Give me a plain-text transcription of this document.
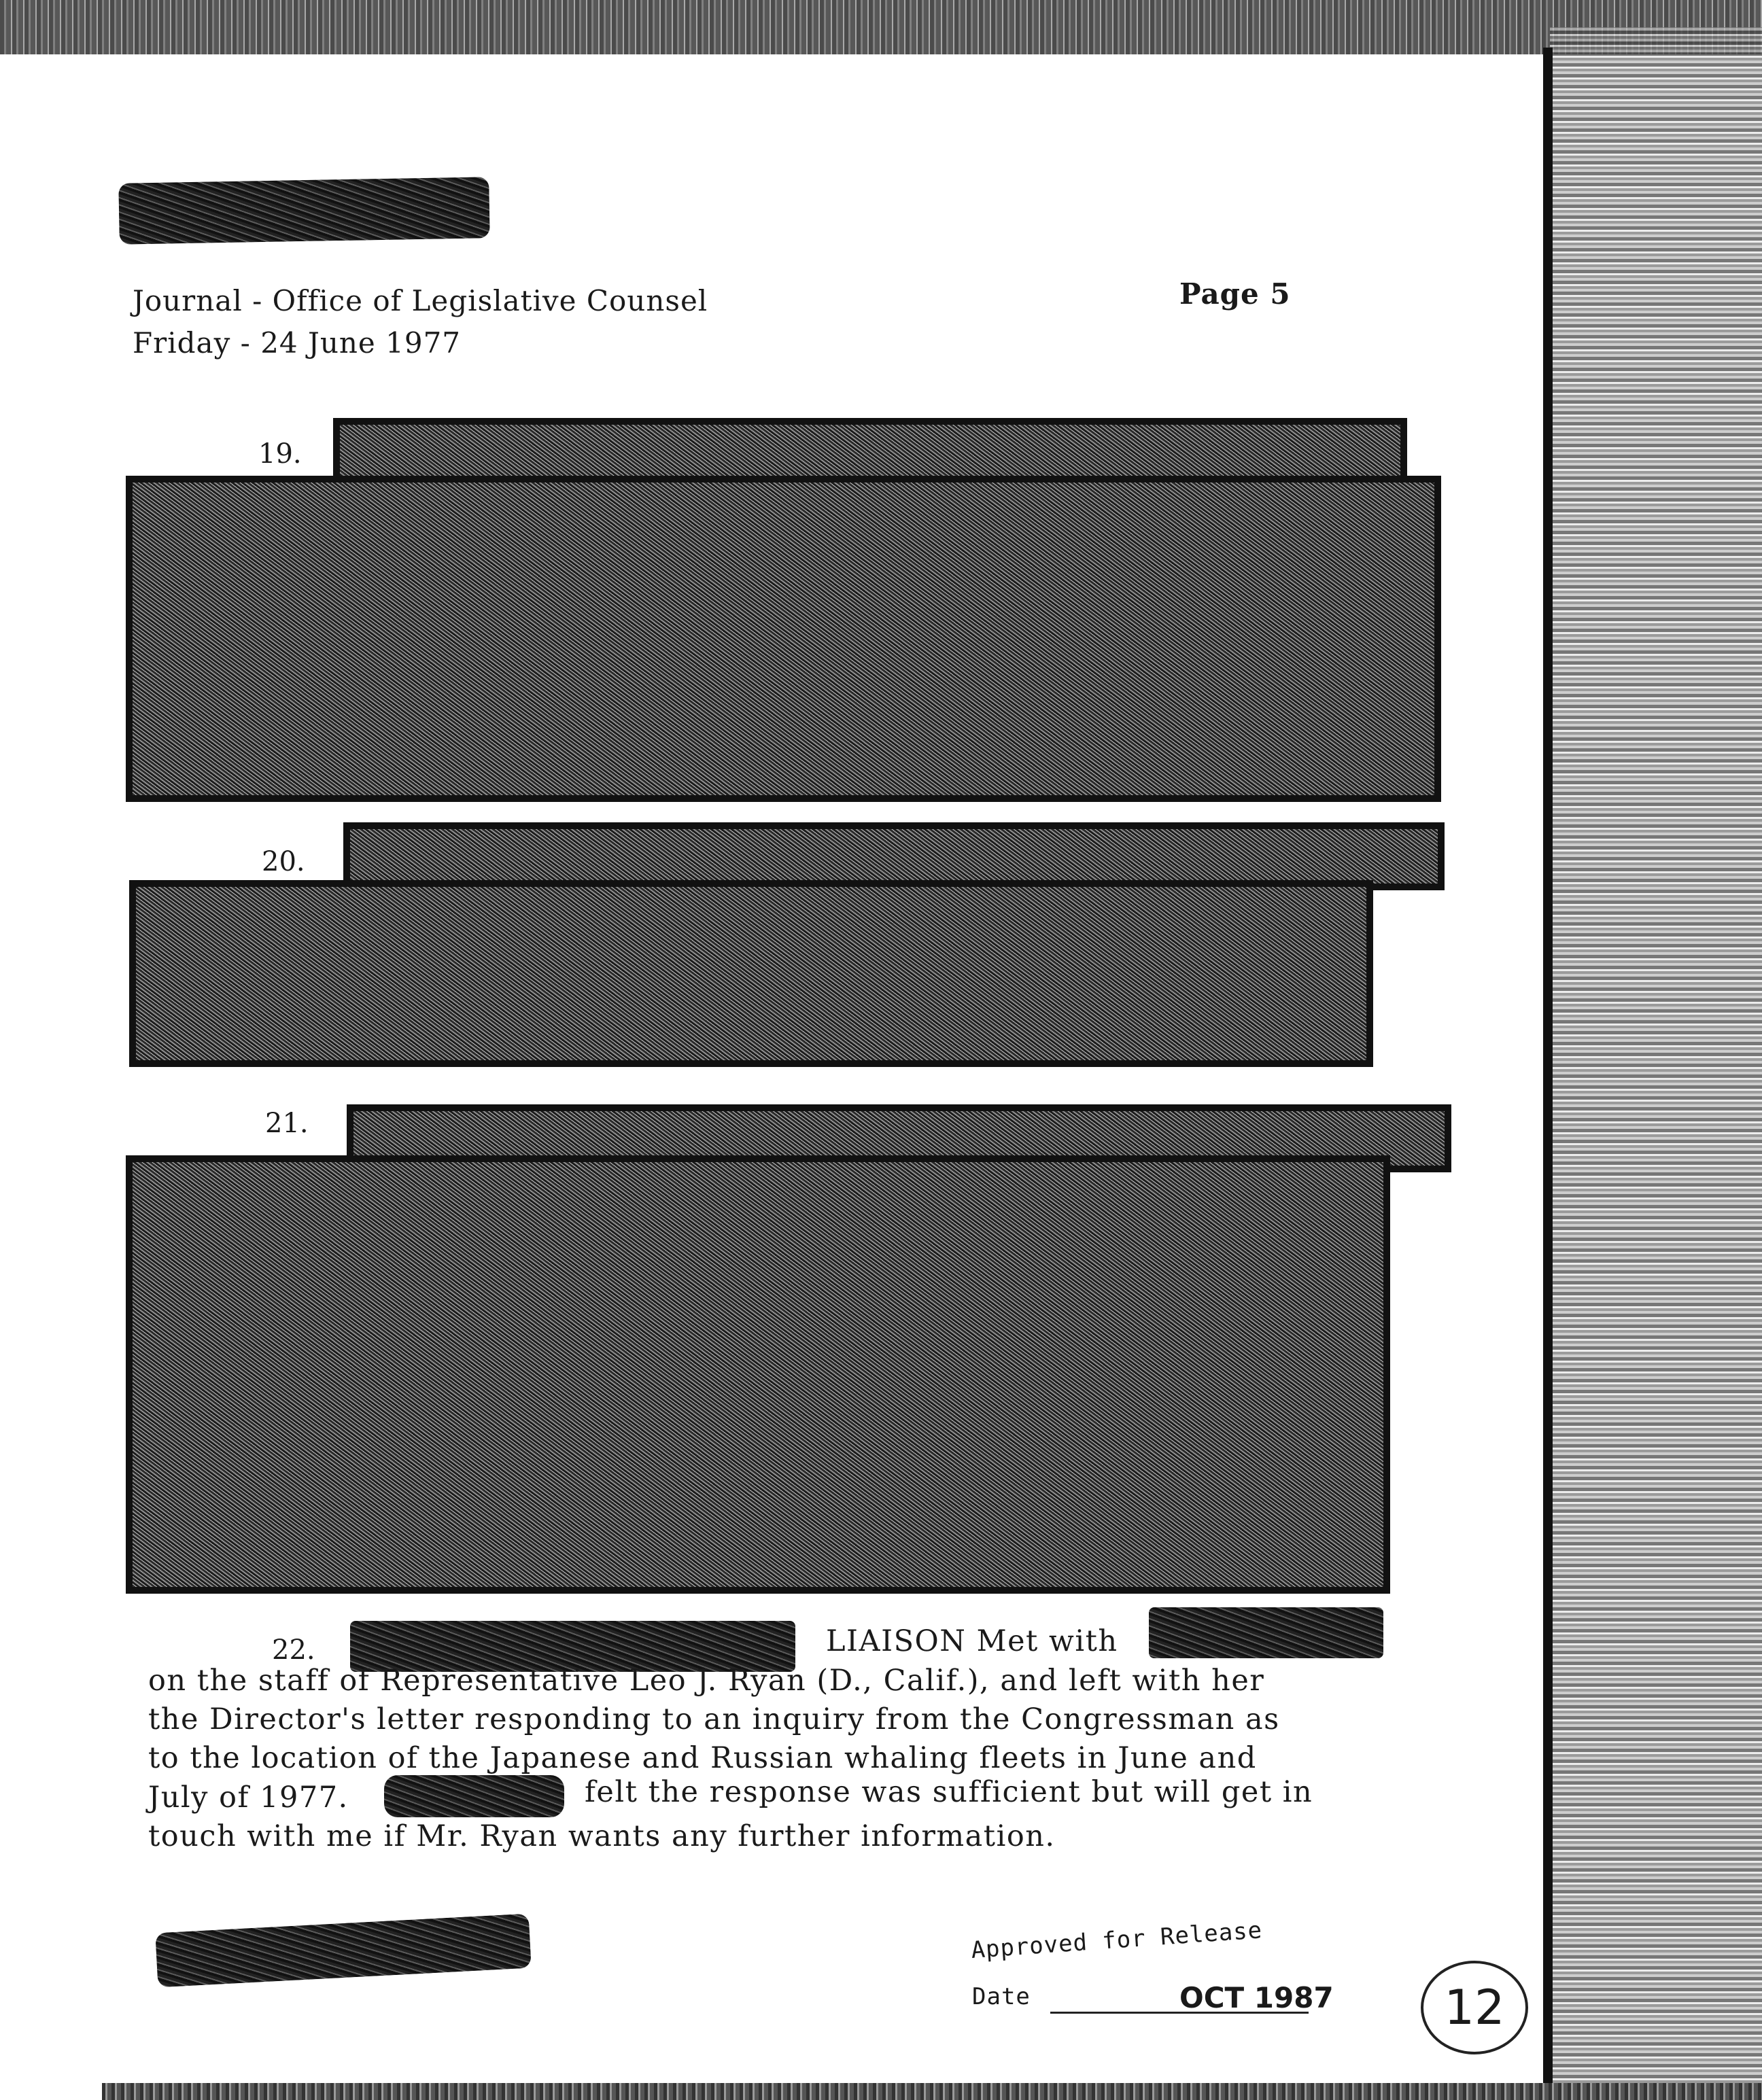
Journal - Office of Legislative Counsel
Friday - 24 June 1977
Page 5
19.
20.
21.
22.	LIAISON Met with
on the staff of Representative Leo J. Ryan (D., Calif.), and left with her
the Director's letter responding to an inquiry from the Congressman as
to the location of the Japanese and Russian whaling fleets in June and
July of 1977.	felt the response was sufficient but will get in
touch with me if Mr. Ryan wants any further information.
Approved for Release
Date	OCT 1987	12
